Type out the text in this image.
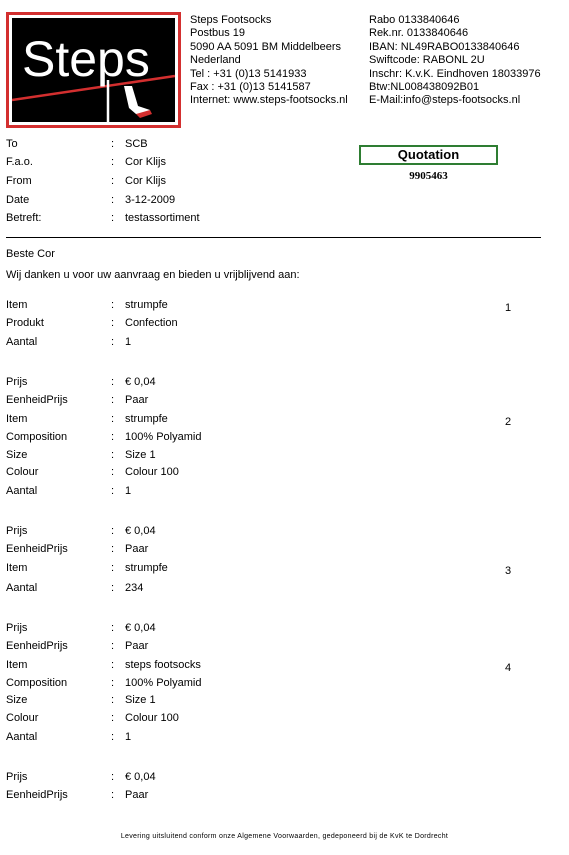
Steps
Steps Footsocks
Postbus 19
5090 AA 5091 BM Middelbeers
Nederland
Tel : +31 (0)13 5141933
Fax : +31 (0)13 5141587
Internet: www.steps-footsocks.nl
Rabo 0133840646
Rek.nr. 0133840646
IBAN: NL49RABO0133840646
Swiftcode: RABONL 2U
Inschr: K.v.K. Eindhoven 18033976
Btw:NL008438092B01
E-Mail:info@steps-footsocks.nl
Quotation
9905463
To	: SCB
F.a.o.	: Cor Klijs
From	: Cor Klijs
Date	: 3-12-2009
Betreft:	: testassortiment
Beste Cor
Wij danken u voor uw aanvraag en bieden u vrijblijvend aan:
1
Item	: strumpfe
Produkt	: Confection
Aantal	: 1
Prijs	: € 0,04
EenheidPrijs	: Paar
2
Item	: strumpfe
Composition	: 100% Polyamid
Size	: Size 1
Colour	: Colour 100
Aantal	: 1
Prijs	: € 0,04
EenheidPrijs	: Paar
3
Item	: strumpfe
Aantal	: 234
Prijs	: € 0,04
EenheidPrijs	: Paar
4
Item	: steps footsocks
Composition	: 100% Polyamid
Size	: Size 1
Colour	: Colour 100
Aantal	: 1
Prijs	: € 0,04
EenheidPrijs	: Paar
Levering uitsluitend conform onze Algemene Voorwaarden, gedeponeerd bij de KvK te Dordrecht
